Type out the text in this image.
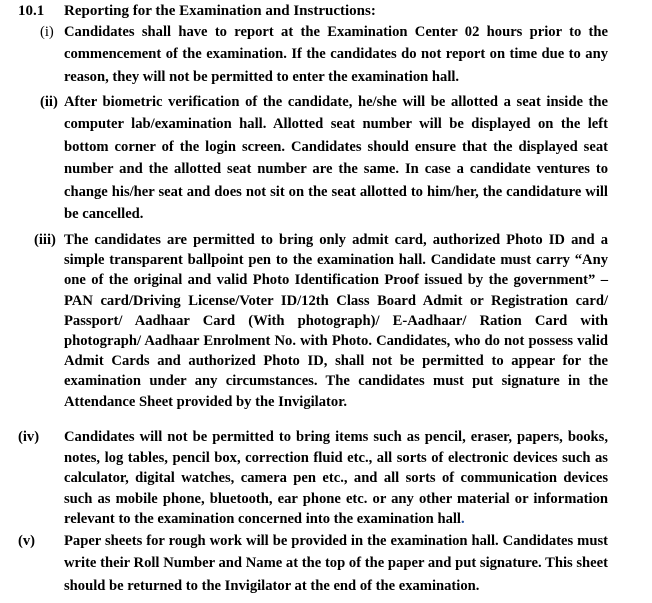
10.1 Reporting for the Examination and Instructions:
(i) Candidates shall have to report at the Examination Center 02 hours prior to the commencement of the examination. If the candidates do not report on time due to any reason, they will not be permitted to enter the examination hall.
(ii) After biometric verification of the candidate, he/she will be allotted a seat inside the computer lab/examination hall. Allotted seat number will be displayed on the left bottom corner of the login screen. Candidates should ensure that the displayed seat number and the allotted seat number are the same. In case a candidate ventures to change his/her seat and does not sit on the seat allotted to him/her, the candidature will be cancelled.
(iii) The candidates are permitted to bring only admit card, authorized Photo ID and a simple transparent ballpoint pen to the examination hall. Candidate must carry “Any one of the original and valid Photo Identification Proof issued by the government” – PAN card/Driving License/Voter ID/12th Class Board Admit or Registration card/ Passport/ Aadhaar Card (With photograph)/ E-Aadhaar/ Ration Card with photograph/ Aadhaar Enrolment No. with Photo. Candidates, who do not possess valid Admit Cards and authorized Photo ID, shall not be permitted to appear for the examination under any circumstances. The candidates must put signature in the Attendance Sheet provided by the Invigilator.
(iv) Candidates will not be permitted to bring items such as pencil, eraser, papers, books, notes, log tables, pencil box, correction fluid etc., all sorts of electronic devices such as calculator, digital watches, camera pen etc., and all sorts of communication devices such as mobile phone, bluetooth, ear phone etc. or any other material or information relevant to the examination concerned into the examination hall.
(v) Paper sheets for rough work will be provided in the examination hall. Candidates must write their Roll Number and Name at the top of the paper and put signature. This sheet should be returned to the Invigilator at the end of the examination.
